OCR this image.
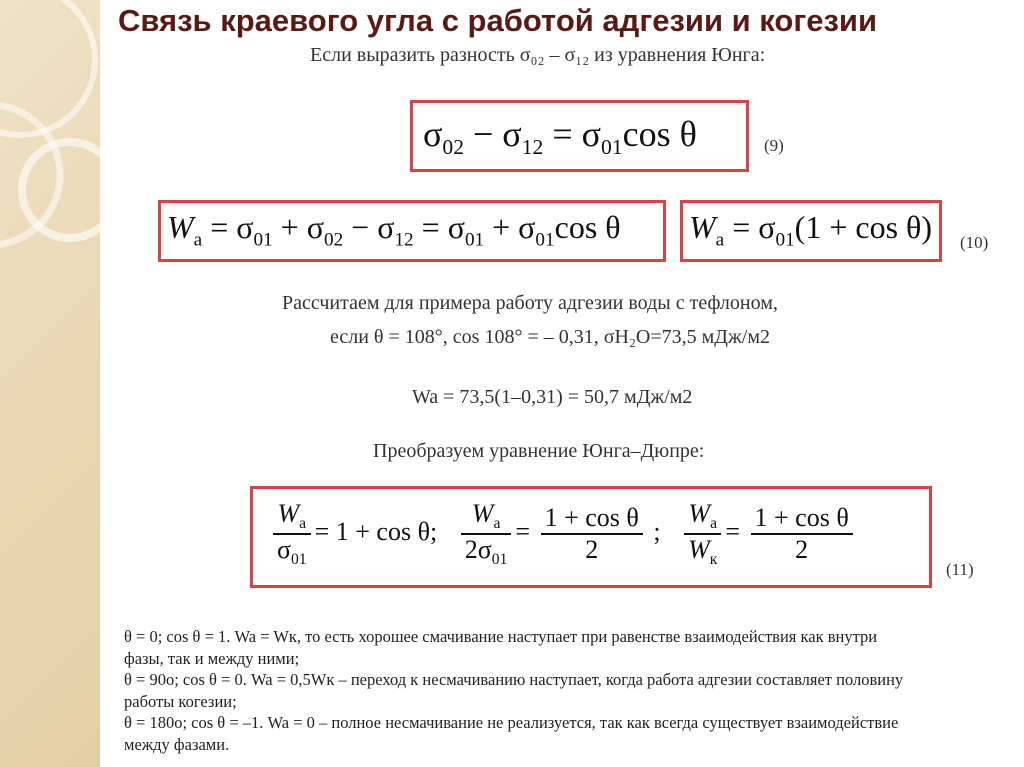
Связь краевого угла с работой адгезии и когезии
Если выразить разность σ₀₂ – σ₁₂ из уравнения Юнга:
$\sigma_{02} - \sigma_{12} = \sigma_{01}\cos$ θ	(9)
$W_a = \sigma_{01} + \sigma_{02} - \sigma_{12} = \sigma_{01} + \sigma_{01}\cos$ θ $W_a = \sigma_{01}(1 + \cos \theta)$ (10)
Рассчитаем для примера работу адгезии воды с тефлоном,
если θ = 108°, cos 108° = – 0,31, σH₂O=73,5 мДж/м2
Wa = 73,5(1–0,31) = 50,7 мДж/м2
Преобразуем уравнение Юнга–Дюпре:
$\frac{W_a}{\sigma_{01}} = 1 + \cos \theta$; $\frac{W_a}{2\sigma_{01}} = \frac{\text{1 + cos θ}}{2}$ ; $\frac{W_a}{W_к} = \frac{\text{1 + cos θ}}{2}$
(11)
θ = 0; cos θ = 1. Wa = Wк, то есть хорошее смачивание наступает при равенстве взаимодействия как внутри
фазы, так и между ними;
θ = 90о; cos θ = 0. Wa = 0,5Wк – переход к несмачиванию наступает, когда работа адгезии составляет половину
работы когезии;
θ = 180о; cos θ = –1. Wa = 0 – полное несмачивание не реализуется, так как всегда существует взаимодействие
между фазами.
